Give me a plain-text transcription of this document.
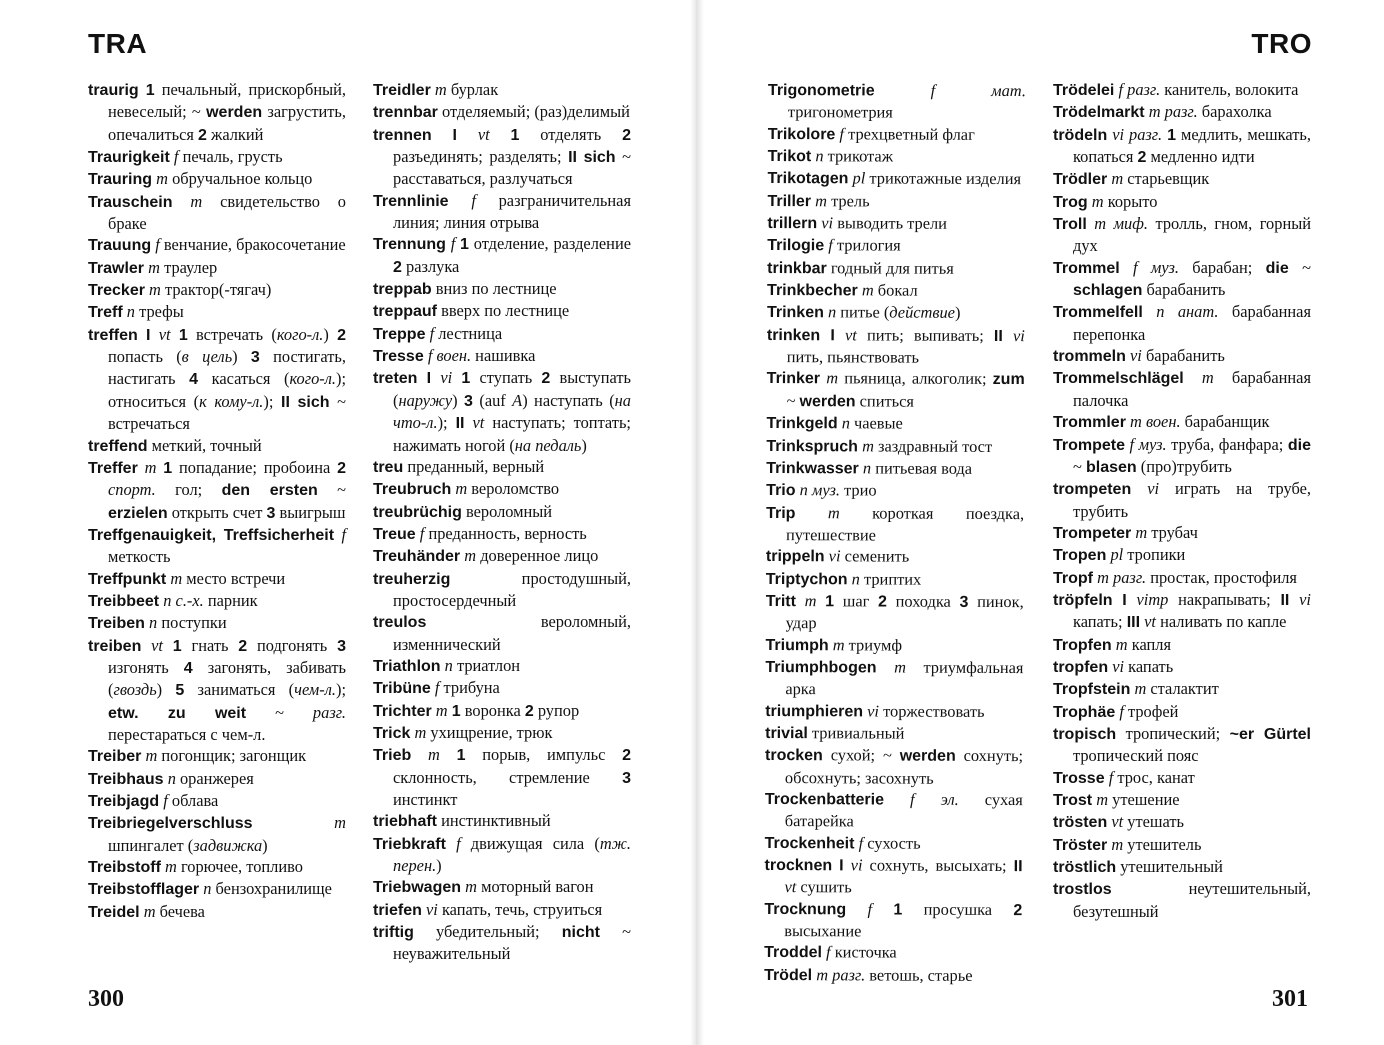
TRA	TRO

traurig 1 печальный, прискорбный, невеселый; ~ werden загрустить, опечалиться 2 жалкий

Traurigkeit f печаль, грусть

Trauring m обручальное кольцо

Trauschein m свидетельство о браке

Trauung f венчание, бракосочетание

Trawler m траулер

Trecker m трактор(-тягач)

Treff n трефы

treffen I vt 1 встречать (кого-л.) 2 попасть (в цель) 3 постигать, настигать 4 касаться (кого-л.); относиться (к кому-л.); II sich ~ встречаться

treffend меткий, точный

Treffer m 1 попадание; пробоина 2 спорт. гол; den ersten ~ erzielen открыть счет 3 выигрыш

Treffgenauigkeit, Treffsicherheit f меткость

Treffpunkt m место встречи

Treibbeet n с.-х. парник

Treiben n поступки

treiben vt 1 гнать 2 подгонять 3 изгонять 4 загонять, забивать (гвоздь) 5 заниматься (чем-л.); etw. zu weit ~ разг. перестараться с чем-л.

Treiber m погонщик; загонщик

Treibhaus n оранжерея

Treibjagd f облава

Treibriegelverschluss	m шпингалет (задвижка)

Treibstoff m горючее, топливо

Treibstofflager n бензохранилище

Treidel m бечева

Treidler m бурлак

trennbar отделяемый; (раз)делимый

trennen I vt 1 отделять 2 разъединять; разделять; II sich ~ расставаться, разлучаться

Trennlinie f разграничительная линия; линия отрыва

Trennung f 1 отделение, разделение 2 разлука

treppab вниз по лестнице

treppauf вверх по лестнице

Treppe f лестница

Tresse f воен. нашивка

treten I vi 1 ступать 2 выступать (наружу) 3 (auf A) наступать (на что-л.); II vt наступать; топтать; нажимать ногой (на педаль)

treu преданный, верный

Treubruch m вероломство

treubrüchig вероломный

Treue f преданность, верность

Treuhänder m доверенное лицо

treuherzig простодушный, простосердечный

treulos вероломный, изменнический

Triathlon n триатлон

Tribüne f трибуна

Trichter m 1 воронка 2 рупор

Trick m ухищрение, трюк

Trieb m 1 порыв, импульс 2 склонность, стремление 3 инстинкт

triebhaft инстинктивный

Triebkraft f движущая сила (тж. перен.)

Triebwagen m моторный вагон

triefen vi капать, течь, струиться

triftig убедительный; nicht ~ неуважительный

Trigonometrie	f мат. тригонометрия

Trikolore f трехцветный флаг

Trikot n трикотаж

Trikotagen pl трикотажные изделия

Triller m трель

trillern vi выводить трели

Trilogie f трилогия

trinkbar годный для питья

Trinkbecher m бокал

Trinken n питье (действие)

trinken I vt пить; выпивать; II vi пить, пьянствовать

Trinker m пьяница, алкоголик; zum ~ werden спиться

Trinkgeld n чаевые

Trinkspruch m заздравный тост

Trinkwasser n питьевая вода

Trio n муз. трио

Trip m короткая поездка, путешествие

trippeln vi семенить

Triptychon n триптих

Tritt m 1 шаг 2 походка 3 пинок, удар

Triumph m триумф

Triumphbogen m триумфальная арка

triumphieren vi торжествовать

trivial тривиальный

trocken сухой; ~ werden сохнуть; обсохнуть; засохнуть

Trockenbatterie f эл. сухая батарейка

Trockenheit f сухость

trocknen I vi сохнуть, высыхать; II vt сушить

Trocknung f 1 просушка 2 высыхание

Troddel f кисточка

Trödel m разг. ветошь, старье

Trödelei f разг. канитель, волокита

Trödelmarkt m разг. барахолка

trödeln vi разг. 1 медлить, мешкать, копаться 2 медленно идти

Trödler m старьевщик

Trog m корыто

Troll m миф. тролль, гном, горный дух

Trommel f муз. барабан; die ~ schlagen барабанить

Trommelfell n анат. барабанная перепонка

trommeln vi барабанить

Trommelschlägel m барабанная палочка

Trommler m воен. барабанщик

Trompete f муз. труба, фанфара; die ~ blasen (про)трубить

trompeten vi играть на трубе, трубить

Trompeter m трубач

Tropen pl тропики

Tropf m разг. простак, простофиля

tröpfeln I vimp накрапывать; II vi капать; III vt наливать по капле

Tropfen m капля

tropfen vi капать

Tropfstein m сталактит

Trophäe f трофей

tropisch тропический; ~er Gürtel тропический пояс

Trosse f трос, канат

Trost m утешение

trösten vt утешать

Tröster m утешитель

tröstlich утешительный

trostlos неутешительный, безутешный

300	301
